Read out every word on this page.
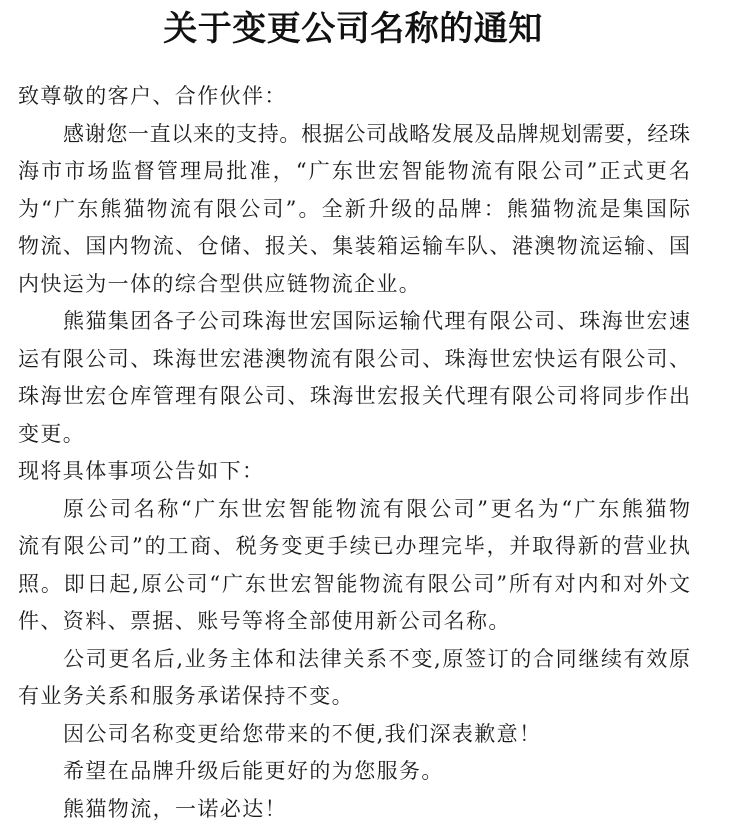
关于变更公司名称的通知
致尊敬的客户、合作伙伴：
感谢您一直以来的支持。根据公司战略发展及品牌规划需要，经珠
海市市场监督管理局批准，“广东世宏智能物流有限公司”正式更名
为“广东熊猫物流有限公司”。全新升级的品牌：熊猫物流是集国际
物流、国内物流、仓储、报关、集装箱运输车队、港澳物流运输、国
内快运为一体的综合型供应链物流企业。
熊猫集团各子公司珠海世宏国际运输代理有限公司、珠海世宏速
运有限公司、珠海世宏港澳物流有限公司、珠海世宏快运有限公司、
珠海世宏仓库管理有限公司、珠海世宏报关代理有限公司将同步作出
变更。
现将具体事项公告如下：
原公司名称“广东世宏智能物流有限公司”更名为“广东熊猫物
流有限公司”的工商、税务变更手续已办理完毕，并取得新的营业执
照。即日起,原公司“广东世宏智能物流有限公司”所有对内和对外文
件、资料、票据、账号等将全部使用新公司名称。
公司更名后,业务主体和法律关系不变,原签订的合同继续有效原
有业务关系和服务承诺保持不变。
因公司名称变更给您带来的不便,我们深表歉意！
希望在品牌升级后能更好的为您服务。
熊猫物流，一诺必达！
